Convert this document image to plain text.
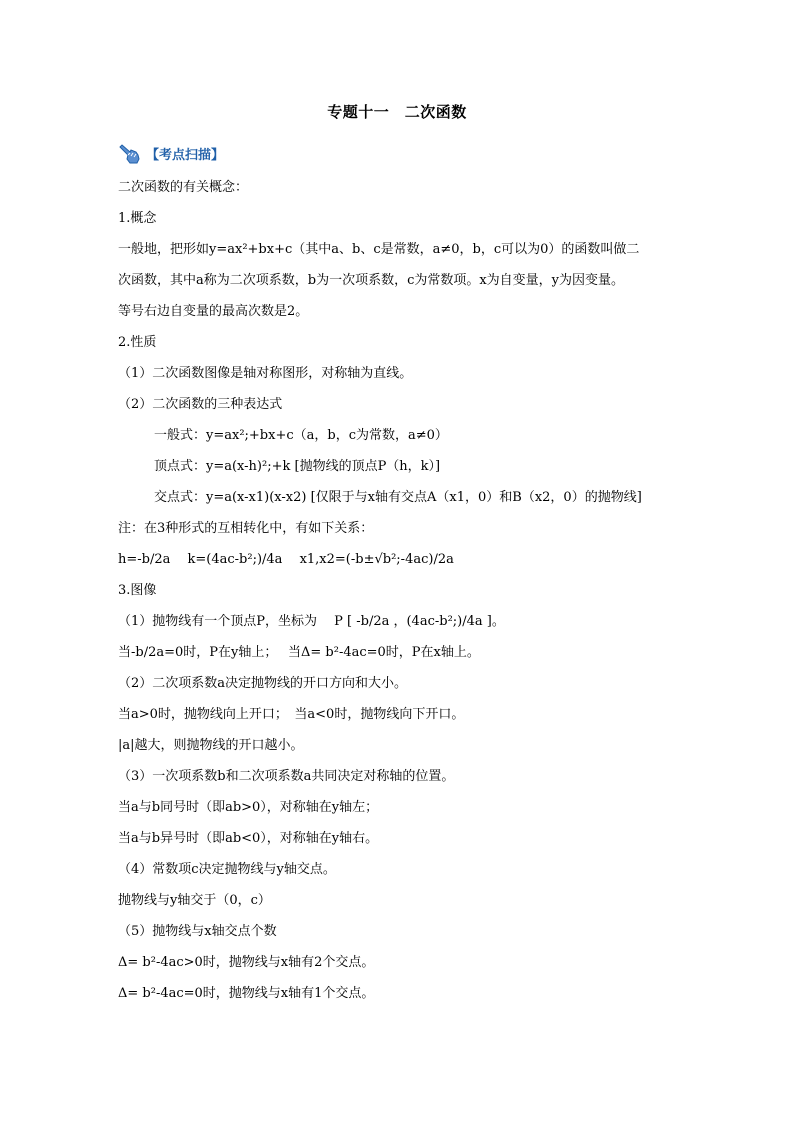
专题十一　二次函数
【考点扫描】
二次函数的有关概念：
1.概念
一般地，把形如y=ax²+bx+c（其中a、b、c是常数，a≠0，b，c可以为0）的函数叫做二
次函数，其中a称为二次项系数，b为一次项系数，c为常数项。x为自变量，y为因变量。
等号右边自变量的最高次数是2。
2.性质
（1）二次函数图像是轴对称图形，对称轴为直线。
（2）二次函数的三种表达式
一般式：y=ax²;+bx+c（a，b，c为常数，a≠0）
顶点式：y=a(x-h)²;+k [抛物线的顶点P（h，k）]
交点式：y=a(x-x1)(x-x2) [仅限于与x轴有交点A（x1，0）和B（x2，0）的抛物线]
注：在3种形式的互相转化中，有如下关系：
h=-b/2a　 k=(4ac-b²;)/4a　 x1,x2=(-b±√b²;-4ac)/2a
3.图像
（1）抛物线有一个顶点P，坐标为　 P [ -b/2a ，(4ac-b²;)/4a ]。
当-b/2a=0时，P在y轴上；　 当Δ= b²-4ac=0时，P在x轴上。
（2）二次项系数a决定抛物线的开口方向和大小。
当a>0时，抛物线向上开口；　当a<0时，抛物线向下开口。
|a|越大，则抛物线的开口越小。
（3）一次项系数b和二次项系数a共同决定对称轴的位置。
当a与b同号时（即ab>0），对称轴在y轴左；
当a与b异号时（即ab<0），对称轴在y轴右。
（4）常数项c决定抛物线与y轴交点。
抛物线与y轴交于（0，c）
（5）抛物线与x轴交点个数
Δ= b²-4ac>0时，抛物线与x轴有2个交点。
Δ= b²-4ac=0时，抛物线与x轴有1个交点。
